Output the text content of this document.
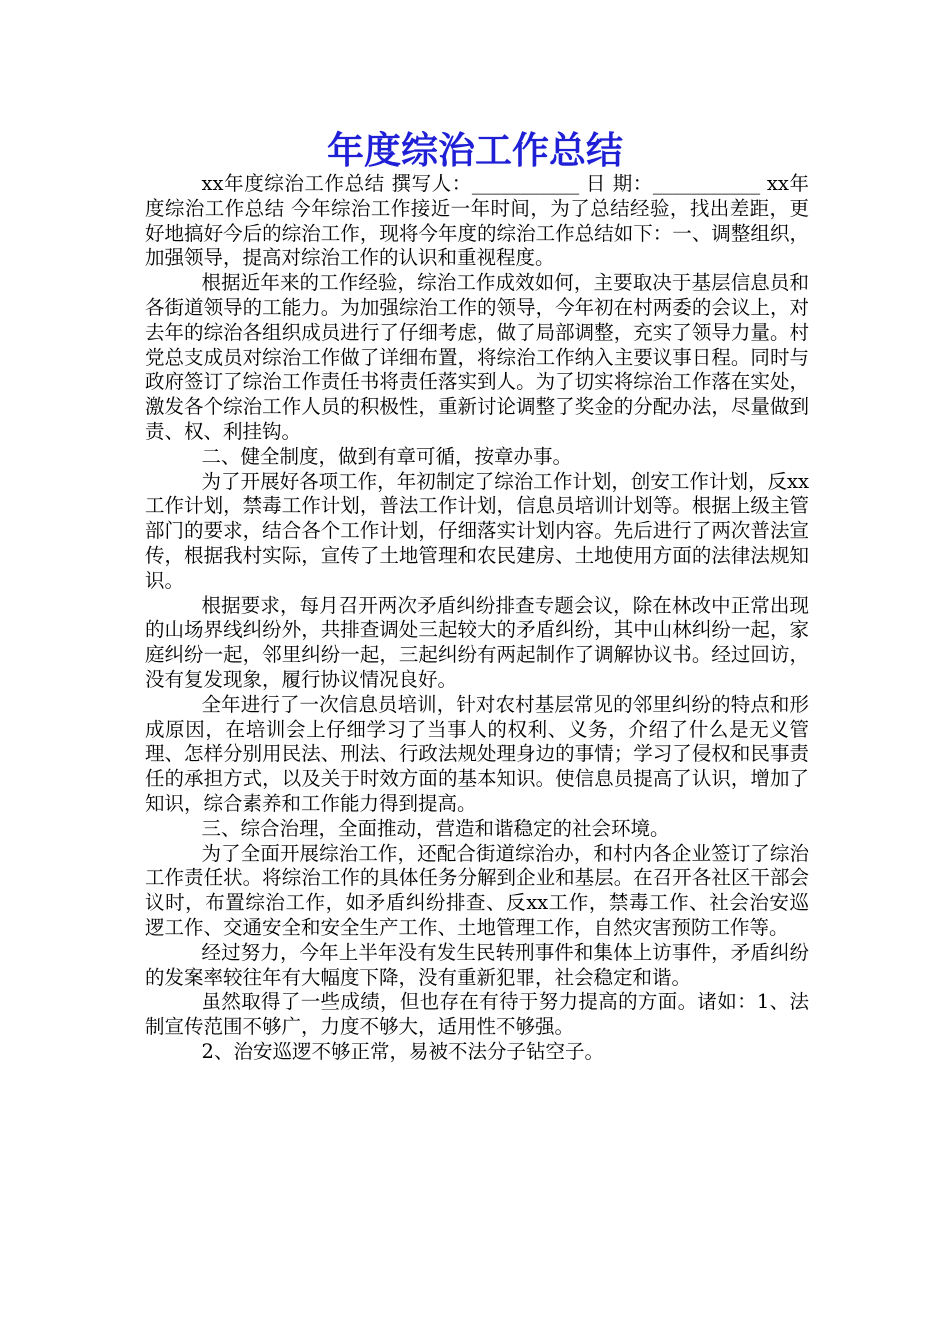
年度综治工作总结

xx年度综治工作总结 撰写人：___________ 日 期：___________ xx年度综治工作总结 今年综治工作接近一年时间，为了总结经验，找出差距，更好地搞好今后的综治工作，现将今年度的综治工作总结如下：一、调整组织，加强领导，提高对综治工作的认识和重视程度。

根据近年来的工作经验，综治工作成效如何，主要取决于基层信息员和各街道领导的工能力。为加强综治工作的领导，今年初在村两委的会议上，对去年的综治各组织成员进行了仔细考虑，做了局部调整，充实了领导力量。村党总支成员对综治工作做了详细布置，将综治工作纳入主要议事日程。同时与政府签订了综治工作责任书将责任落实到人。为了切实将综治工作落在实处，激发各个综治工作人员的积极性，重新讨论调整了奖金的分配办法，尽量做到责、权、利挂钩。

二、健全制度，做到有章可循，按章办事。

为了开展好各项工作，年初制定了综治工作计划，创安工作计划，反xx工作计划，禁毒工作计划，普法工作计划，信息员培训计划等。根据上级主管部门的要求，结合各个工作计划，仔细落实计划内容。先后进行了两次普法宣传，根据我村实际，宣传了土地管理和农民建房、土地使用方面的法律法规知识。

根据要求，每月召开两次矛盾纠纷排查专题会议，除在林改中正常出现的山场界线纠纷外，共排查调处三起较大的矛盾纠纷，其中山林纠纷一起，家庭纠纷一起，邻里纠纷一起，三起纠纷有两起制作了调解协议书。经过回访，没有复发现象，履行协议情况良好。

全年进行了一次信息员培训，针对农村基层常见的邻里纠纷的特点和形成原因，在培训会上仔细学习了当事人的权利、义务，介绍了什么是无义管理、怎样分别用民法、刑法、行政法规处理身边的事情；学习了侵权和民事责任的承担方式，以及关于时效方面的基本知识。使信息员提高了认识，增加了知识，综合素养和工作能力得到提高。

三、综合治理，全面推动，营造和谐稳定的社会环境。

为了全面开展综治工作，还配合街道综治办，和村内各企业签订了综治工作责任状。将综治工作的具体任务分解到企业和基层。在召开各社区干部会议时，布置综治工作，如矛盾纠纷排查、反xx工作，禁毒工作、社会治安巡逻工作、交通安全和安全生产工作、土地管理工作，自然灾害预防工作等。

经过努力，今年上半年没有发生民转刑事件和集体上访事件，矛盾纠纷的发案率较往年有大幅度下降，没有重新犯罪，社会稳定和谐。

虽然取得了一些成绩，但也存在有待于努力提高的方面。诸如：1、法制宣传范围不够广，力度不够大，适用性不够强。

2、治安巡逻不够正常，易被不法分子钻空子。
